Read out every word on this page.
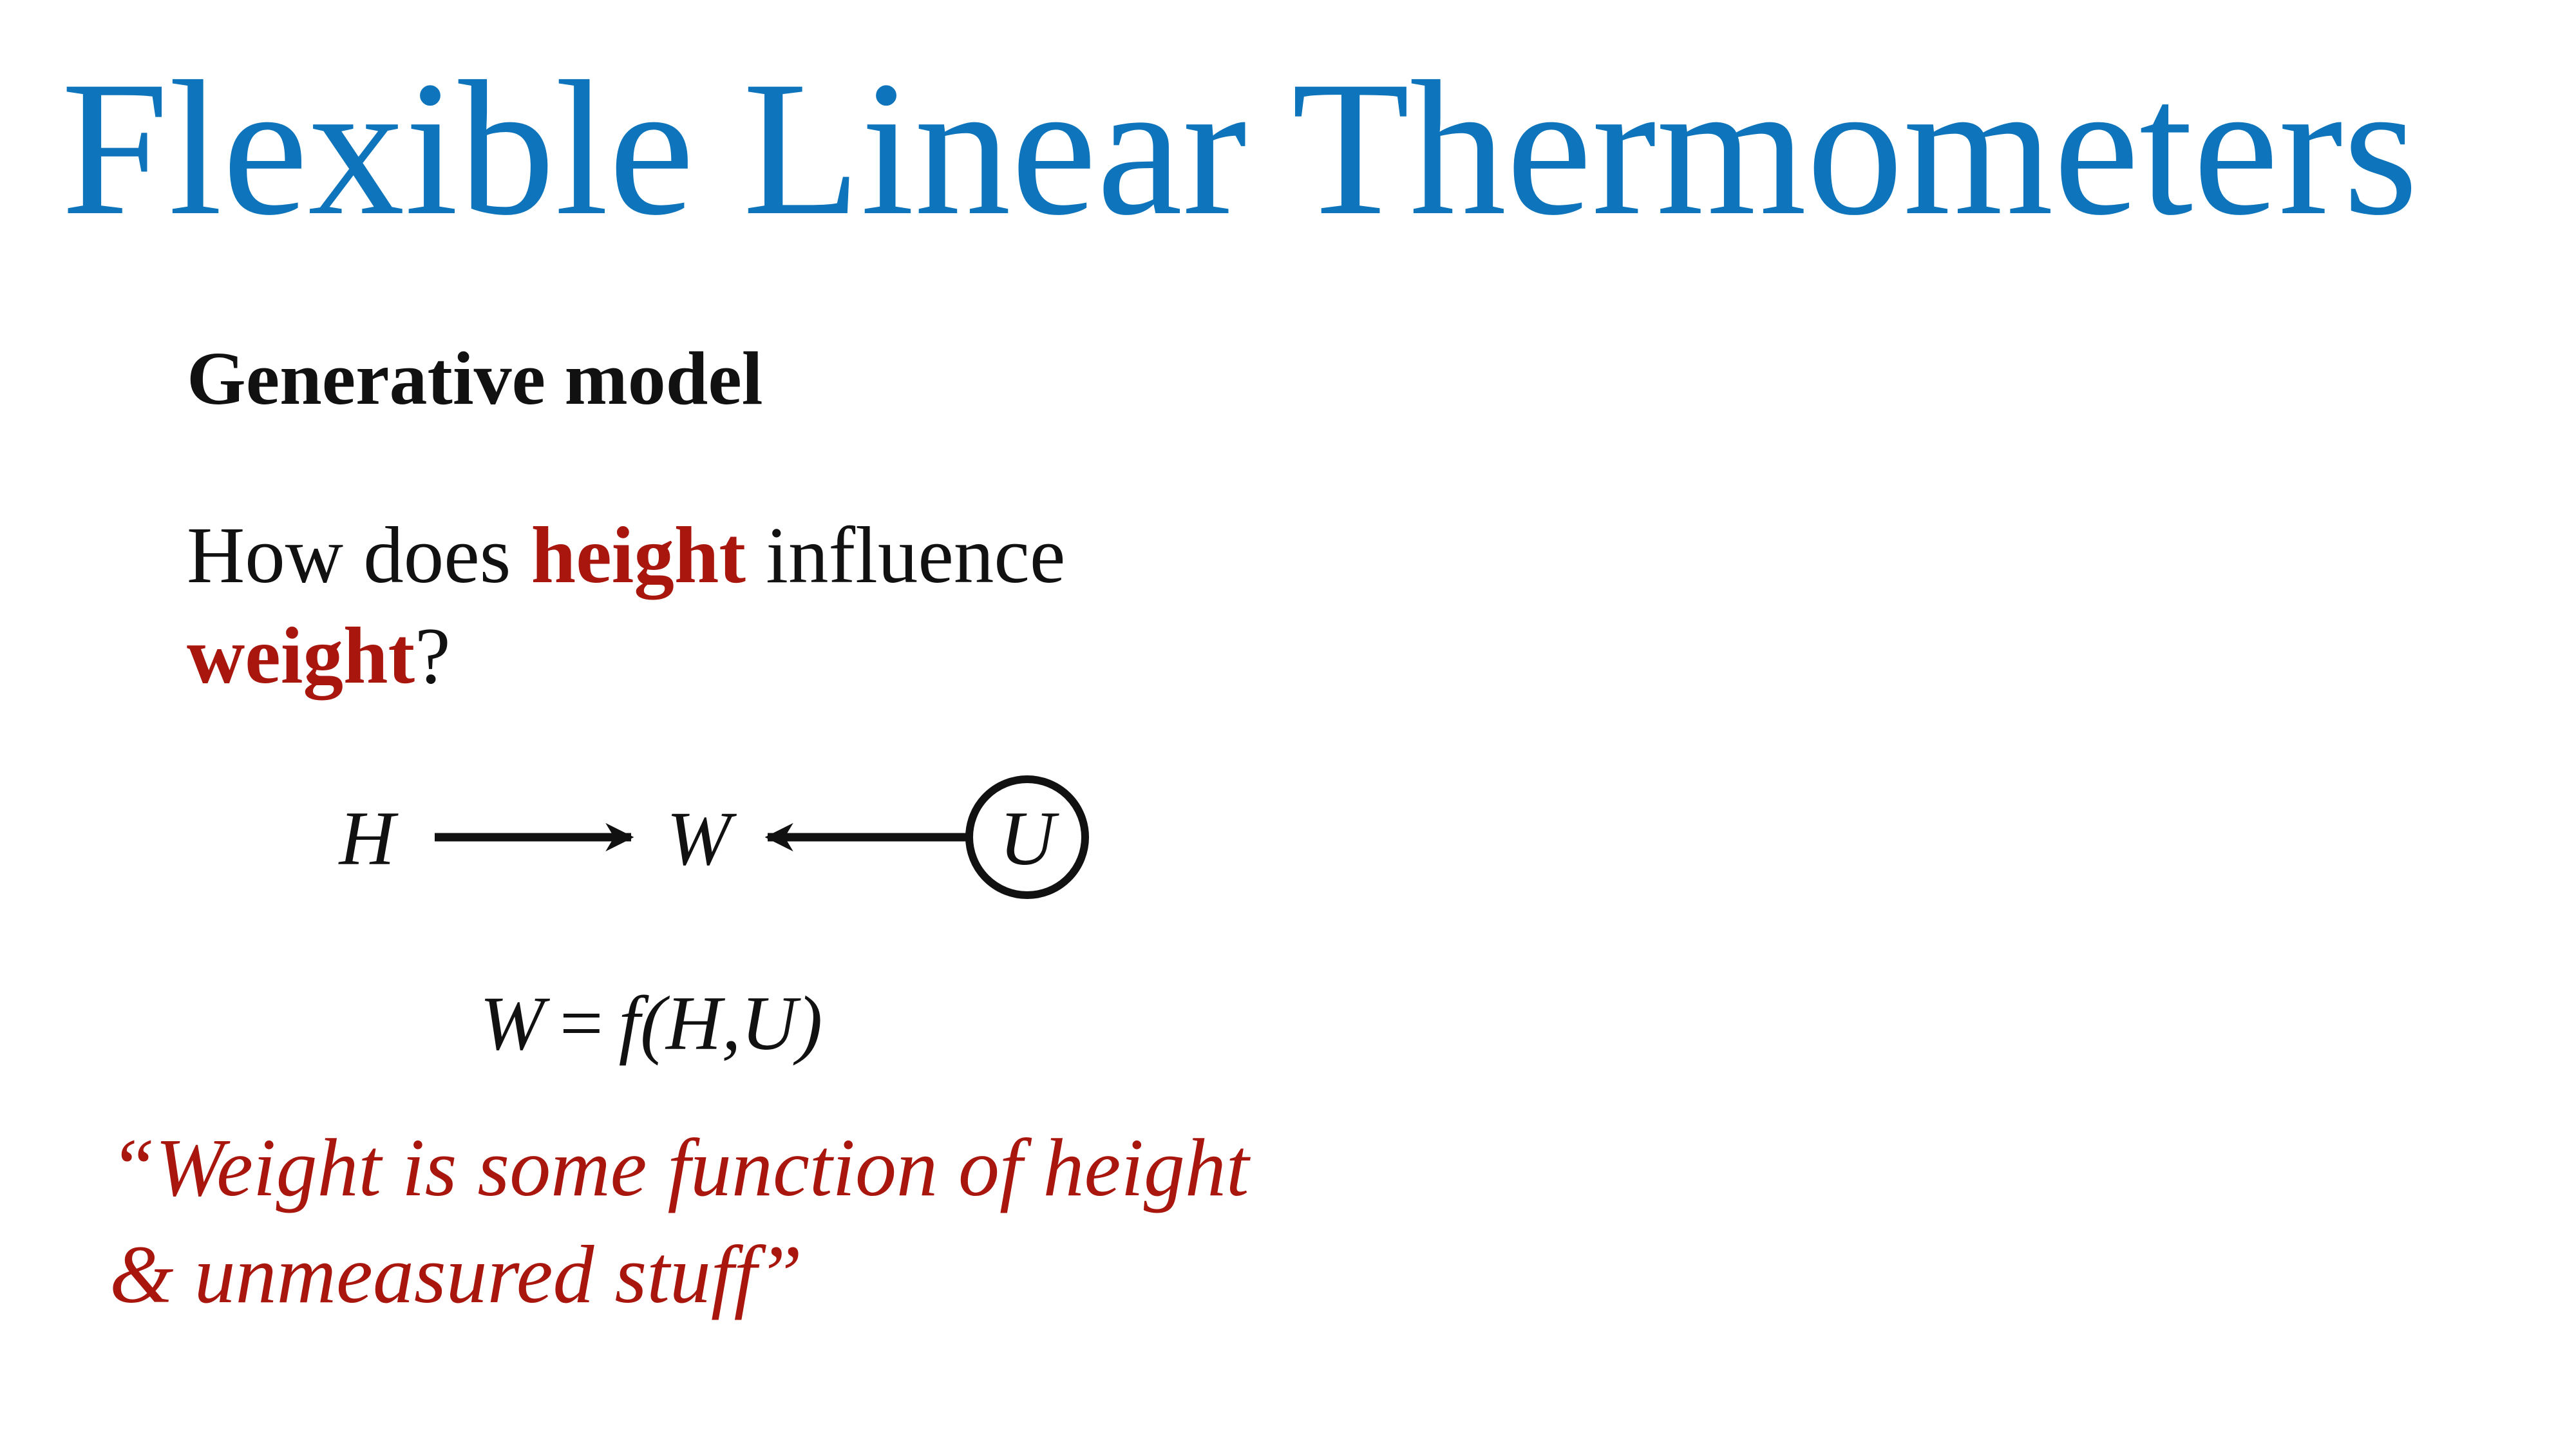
Flexible Linear Thermometers
Generative model
How does height influence
weight?
H	W	U
W = f(H,U)
“Weight is some function of height
& unmeasured stuff”
